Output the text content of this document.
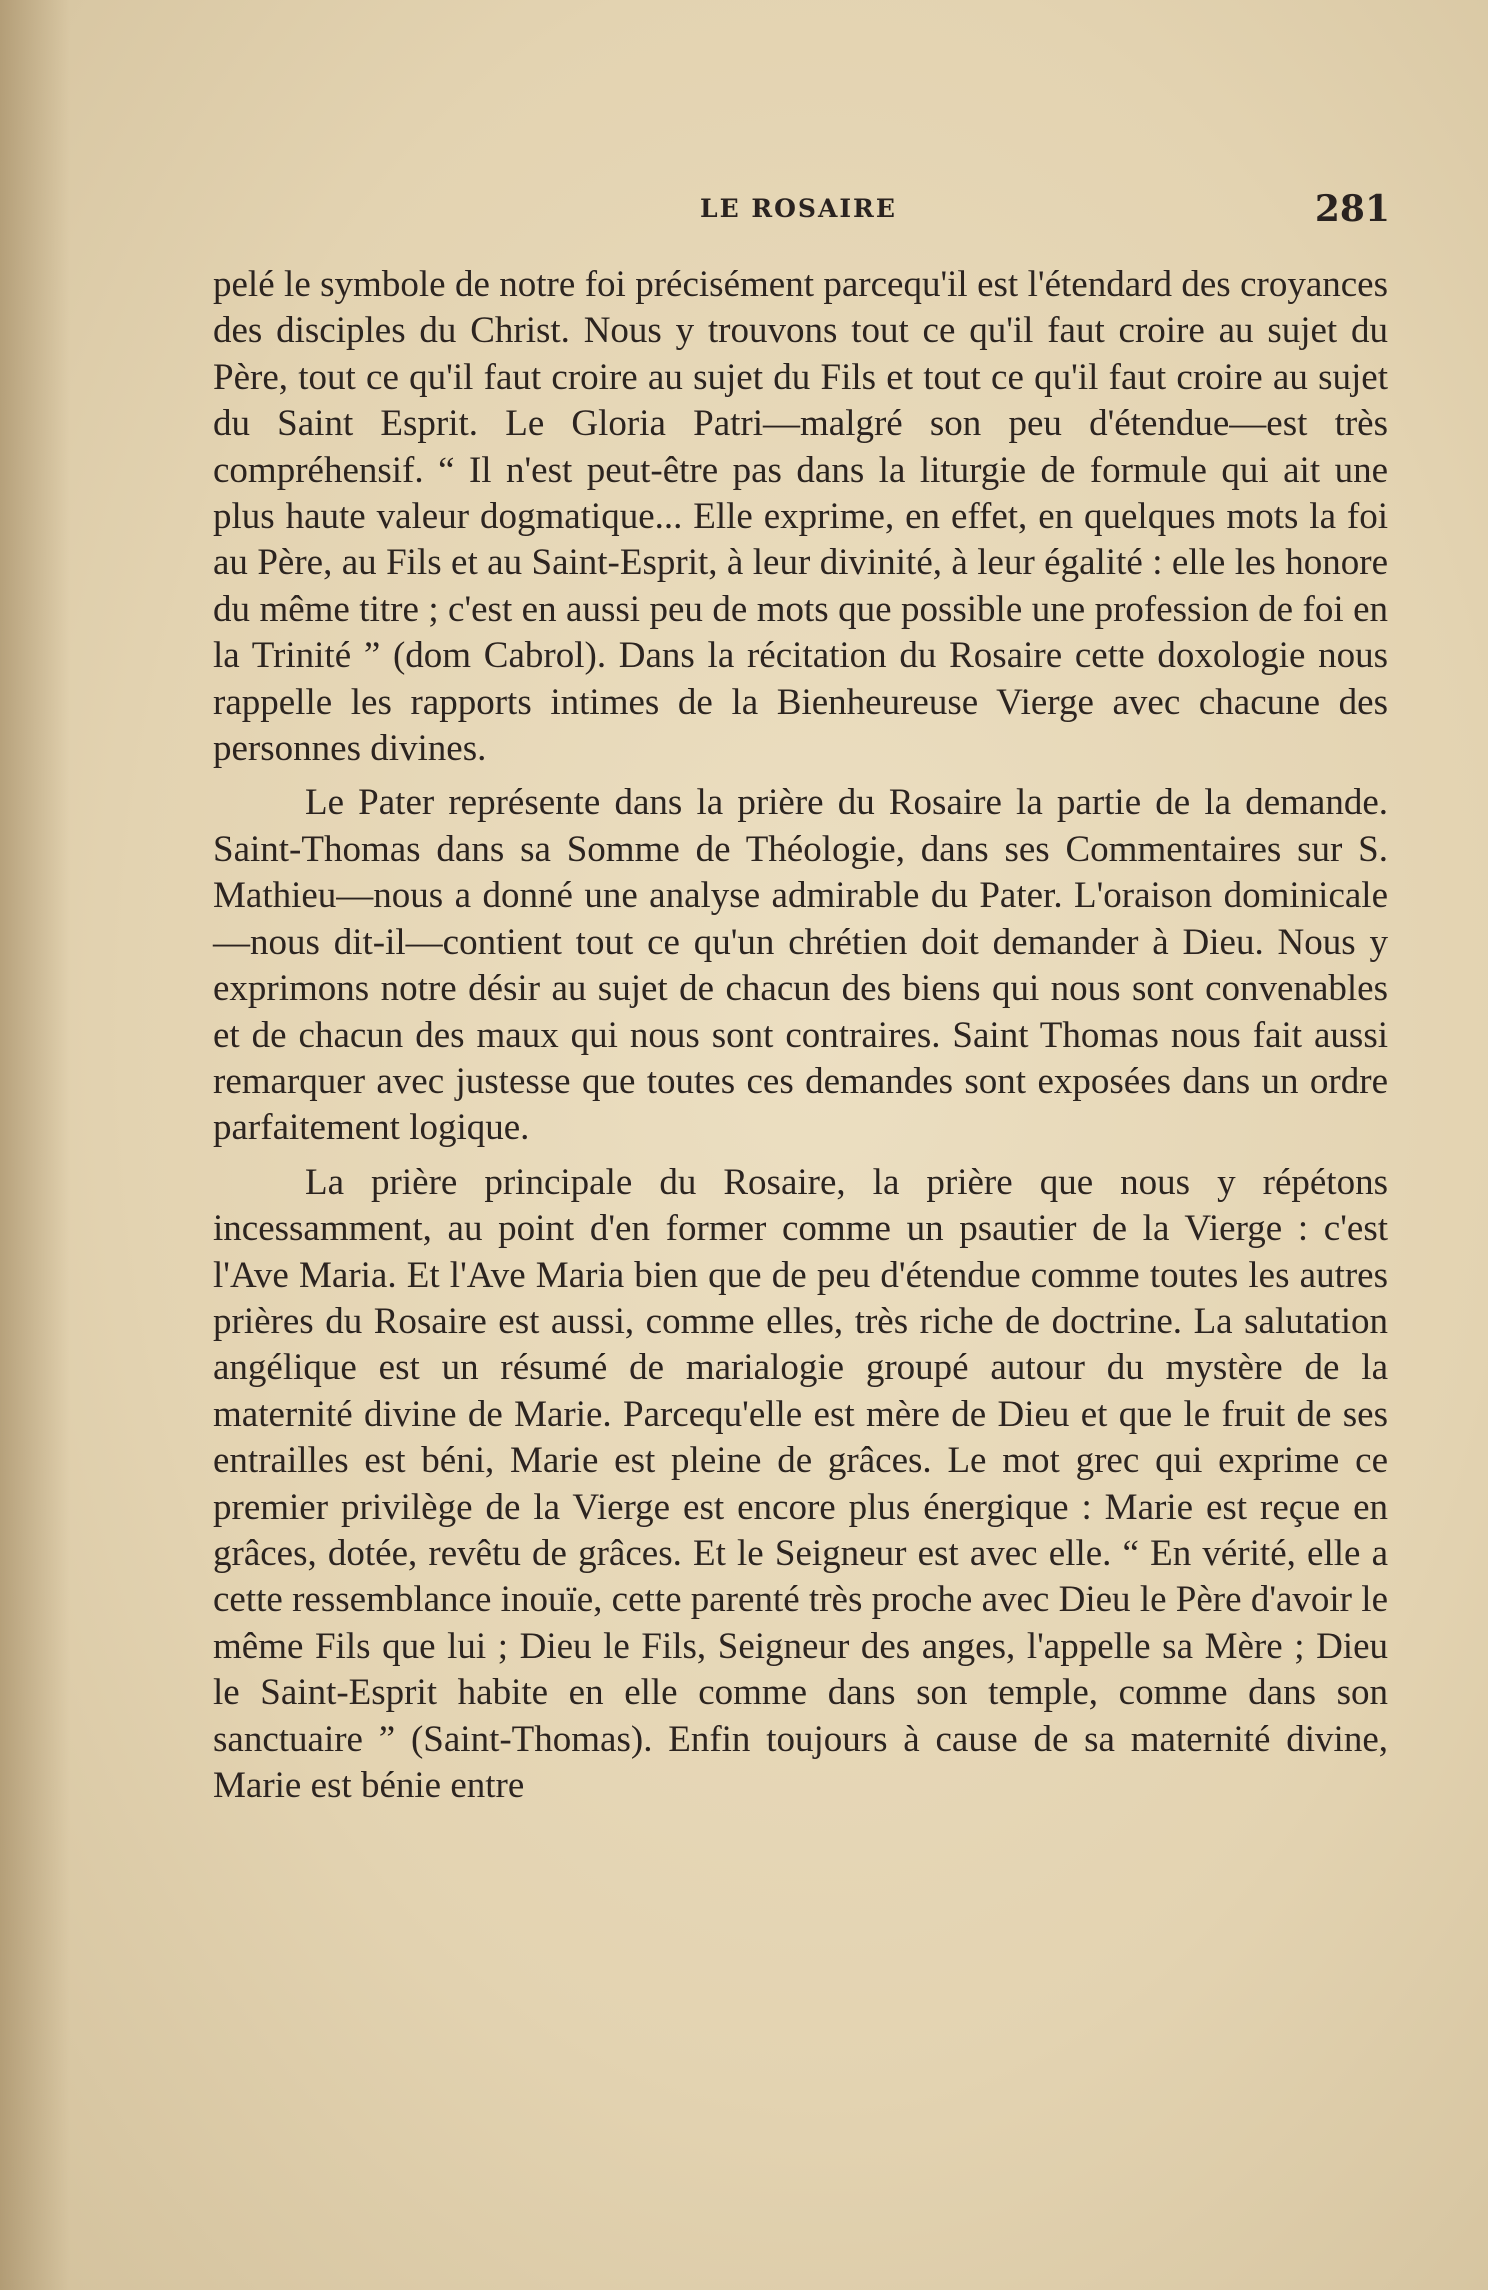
LE ROSAIRE	281

pelé le symbole de notre foi précisément parcequ'il est l'étendard des croyances des disciples du Christ. Nous y trouvons tout ce qu'il faut croire au sujet du Père, tout ce qu'il faut croire au sujet du Fils et tout ce qu'il faut croire au sujet du Saint Esprit. Le Gloria Patri—malgré son peu d'étendue—est très compréhensif. “ Il n'est peut-être pas dans la liturgie de formule qui ait une plus haute valeur dogmatique... Elle exprime, en effet, en quelques mots la foi au Père, au Fils et au Saint-Esprit, à leur divinité, à leur égalité : elle les honore du même titre ; c'est en aussi peu de mots que possible une profession de foi en la Trinité ” (dom Cabrol). Dans la récitation du Rosaire cette doxologie nous rappelle les rapports intimes de la Bienheureuse Vierge avec chacune des personnes divines.

Le Pater représente dans la prière du Rosaire la partie de la demande. Saint-Thomas dans sa Somme de Théologie, dans ses Commentaires sur S. Mathieu—nous a donné une analyse admirable du Pater. L'oraison dominicale—nous dit-il—contient tout ce qu'un chrétien doit demander à Dieu. Nous y exprimons notre désir au sujet de chacun des biens qui nous sont convenables et de chacun des maux qui nous sont contraires. Saint Thomas nous fait aussi remarquer avec justesse que toutes ces demandes sont exposées dans un ordre parfaitement logique.

La prière principale du Rosaire, la prière que nous y répétons incessamment, au point d'en former comme un psautier de la Vierge : c'est l'Ave Maria. Et l'Ave Maria bien que de peu d'étendue comme toutes les autres prières du Rosaire est aussi, comme elles, très riche de doctrine. La salutation angélique est un résumé de marialogie groupé autour du mystère de la maternité divine de Marie. Parcequ'elle est mère de Dieu et que le fruit de ses entrailles est béni, Marie est pleine de grâces. Le mot grec qui exprime ce premier privilège de la Vierge est encore plus énergique : Marie est reçue en grâces, dotée, revêtu de grâces. Et le Seigneur est avec elle. “ En vérité, elle a cette ressemblance inouïe, cette parenté très proche avec Dieu le Père d'avoir le même Fils que lui ; Dieu le Fils, Seigneur des anges, l'appelle sa Mère ; Dieu le Saint-Esprit habite en elle comme dans son temple, comme dans son sanctuaire ” (Saint-Thomas). Enfin toujours à cause de sa maternité divine, Marie est bénie entre
